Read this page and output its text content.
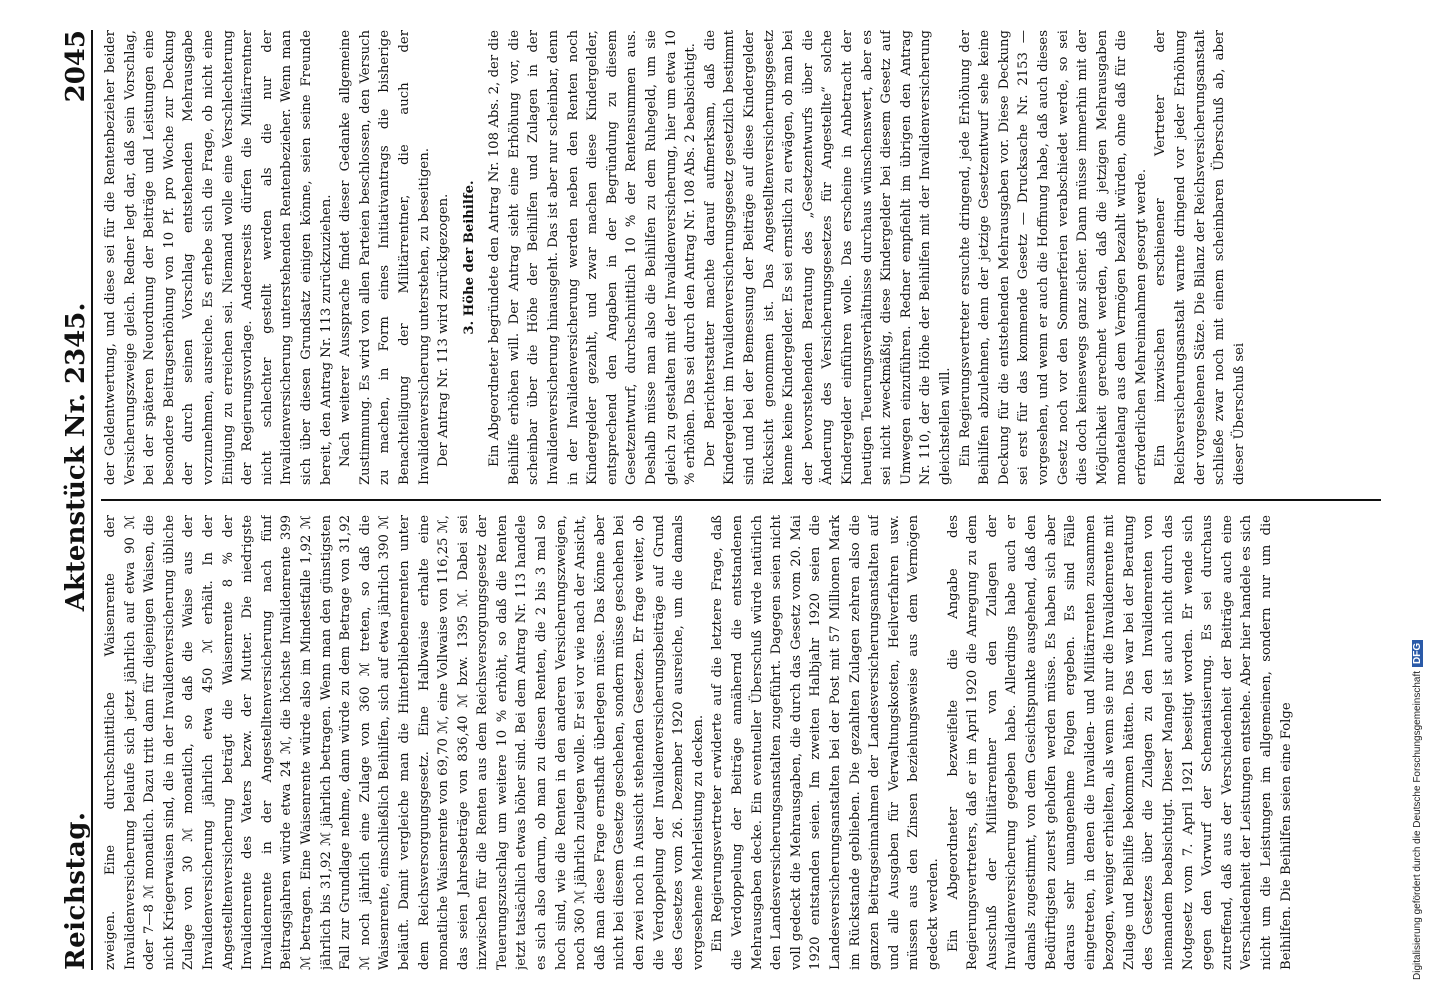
Reichstag.
Aktenstück Nr. 2345.
2045

zweigen. Eine durchschnittliche Waisenrente der Invalidenversicherung belaufe sich jetzt jährlich auf etwa 90 ℳ oder 7—8 ℳ monatlich. Dazu tritt dann für diejenigen Waisen, die nicht Kriegerwaisen sind, die in der Invalidenversicherung übliche Zulage von 30 ℳ monatlich, so daß die Waise aus der Invalidenversicherung jährlich etwa 450 ℳ erhält. In der Angestelltenversicherung beträgt die Waisenrente 8 % der Invalidenrente des Vaters bezw. der Mutter. Die niedrigste Invalidenrente in der Angestelltenversicherung nach fünf Beitragsjahren würde etwa 24 ℳ, die höchste Invalidenrente 399 ℳ betragen. Eine Waisenrente würde also im Mindestfalle 1,92 ℳ jährlich bis 31,92 ℳ jährlich betragen. Wenn man den günstigsten Fall zur Grundlage nehme, dann würde zu dem Betrage von 31,92 ℳ noch jährlich eine Zulage von 360 ℳ treten, so daß die Waisenrente, einschließlich Beihilfen, sich auf etwa jährlich 390 ℳ beläuft. Damit vergleiche man die Hinterbliebenenrenten unter dem Reichsversorgungsgesetz. Eine Halbwaise erhalte eine monatliche Waisenrente von 69,70 ℳ, eine Vollwaise von 116,25 ℳ, das seien Jahresbeträge von 836,40 ℳ bzw. 1395 ℳ. Dabei sei inzwischen für die Renten aus dem Reichsversorgungsgesetz der Teuerungszuschlag um weitere 10 % erhöht, so daß die Renten jetzt tatsächlich etwas höher sind. Bei dem Antrag Nr. 113 handele es sich also darum, ob man zu diesen Renten, die 2 bis 3 mal so hoch sind, wie die Renten in den anderen Versicherungszweigen, noch 360 ℳ jährlich zulegen wolle. Er sei vor wie nach der Ansicht, daß man diese Frage ernsthaft überlegen müsse. Das könne aber nicht bei diesem Gesetze geschehen, sondern müsse geschehen bei den zwei noch in Aussicht stehenden Gesetzen. Er frage weiter, ob die Verdoppelung der Invalidenversicherungsbeiträge auf Grund des Gesetzes vom 26. Dezember 1920 ausreiche, um die damals vorgesehene Mehrleistung zu decken. Ein Regierungsvertreter erwiderte auf die letztere Frage, daß die Verdoppelung der Beiträge annähernd die entstandenen Mehrausgaben decke. Ein eventueller Überschuß würde natürlich den Landesversicherungsanstalten zugeführt. Dagegen seien nicht voll gedeckt die Mehrausgaben, die durch das Gesetz vom 20. Mai 1920 entstanden seien. Im zweiten Halbjahr 1920 seien die Landesversicherungsanstalten bei der Post mit 57 Millionen Mark im Rückstande geblieben. Die gezahlten Zulagen zehren also die ganzen Beitragseinnahmen der Landesversicherungsanstalten auf und alle Ausgaben für Verwaltungskosten, Heilverfahren usw. müssen aus den Zinsen beziehungsweise aus dem Vermögen gedeckt werden. Ein Abgeordneter bezweifelte die Angabe des Regierungsvertreters, daß er im April 1920 die Anregung zu dem Ausschuß der Militärrentner von den Zulagen der Invalidenversicherung gegeben habe. Allerdings habe auch er damals zugestimmt, von dem Gesichtspunkte ausgehend, daß den Bedürftigsten zuerst geholfen werden müsse. Es haben sich aber daraus sehr unangenehme Folgen ergeben. Es sind Fälle eingetreten, in denen die Invaliden- und Militärrenten zusammen bezogen, weniger erhielten, als wenn sie nur die Invalidenrente mit Zulage und Beihilfe bekommen hätten. Das war bei der Beratung des Gesetzes über die Zulagen zu den Invalidenrenten von niemandem beabsichtigt. Dieser Mangel ist auch nicht durch das Notgesetz vom 7. April 1921 beseitigt worden. Er wende sich gegen den Vorwurf der Schematisierung. Es sei durchaus zutreffend, daß aus der Verschiedenheit der Beiträge auch eine Verschiedenheit der Leistungen entstehe. Aber hier handele es sich nicht um die Leistungen im allgemeinen, sondern nur um die Beihilfen. Die Beihilfen seien eine Folge

der Geldentwertung, und diese sei für die Rentenbezieher beider Versicherungszweige gleich. Redner legt dar, daß sein Vorschlag, bei der späteren Neuordnung der Beiträge und Leistungen eine besondere Beitragserhöhung von 10 Pf. pro Woche zur Deckung der durch seinen Vorschlag entstehenden Mehrausgabe vorzunehmen, ausreiche. Es erhebe sich die Frage, ob nicht eine Einigung zu erreichen sei. Niemand wolle eine Verschlechterung der Regierungsvorlage. Andererseits dürfen die Militärrentner nicht schlechter gestellt werden als die nur der Invalidenversicherung unterstehenden Rentenbezieher. Wenn man sich über diesen Grundsatz einigen könne, seien seine Freunde bereit, den Antrag Nr. 113 zurückzuziehen. Nach weiterer Aussprache findet dieser Gedanke allgemeine Zustimmung. Es wird von allen Parteien beschlossen, den Versuch zu machen, in Form eines Initiativantrags die bisherige Benachteiligung der Militärrentner, die auch der Invalidenversicherung unterstehen, zu beseitigen. Der Antrag Nr. 113 wird zurückgezogen. 3. Höhe der Beihilfe. Ein Abgeordneter begründete den Antrag Nr. 108 Abs. 2, der die Beihilfe erhöhen will. Der Antrag sieht eine Erhöhung vor, die scheinbar über die Höhe der Beihilfen und Zulagen in der Invalidenversicherung hinausgeht. Das ist aber nur scheinbar, denn in der Invalidenversicherung werden neben den Renten noch Kindergelder gezahlt, und zwar machen diese Kindergelder, entsprechend den Angaben in der Begründung zu diesem Gesetzentwurf, durchschnittlich 10 % der Rentensummen aus. Deshalb müsse man also die Beihilfen zu dem Ruhegeld, um sie gleich zu gestalten mit der Invalidenversicherung, hier um etwa 10 % erhöhen. Das sei durch den Antrag Nr. 108 Abs. 2 beabsichtigt. Der Berichterstatter machte darauf aufmerksam, daß die Kindergelder im Invalidenversicherungsgesetz gesetzlich bestimmt sind und bei der Bemessung der Beiträge auf diese Kindergelder Rücksicht genommen ist. Das Angestelltenversicherungsgesetz kenne keine Kindergelder. Es sei ernstlich zu erwägen, ob man bei der bevorstehenden Beratung des „Gesetzentwurfs über die Änderung des Versicherungsgesetzes für Angestellte“ solche Kindergelder einführen wolle. Das erscheine in Anbetracht der heutigen Teuerungsverhältnisse durchaus wünschenswert, aber es sei nicht zweckmäßig, diese Kindergelder bei diesem Gesetz auf Umwegen einzuführen. Redner empfiehlt im übrigen den Antrag Nr. 110, der die Höhe der Beihilfen mit der Invalidenversicherung gleichstellen will. Ein Regierungsvertreter ersuchte dringend, jede Erhöhung der Beihilfen abzulehnen, denn der jetzige Gesetzentwurf sehe keine Deckung für die entstehenden Mehrausgaben vor. Diese Deckung sei erst für das kommende Gesetz — Drucksache Nr. 2153 — vorgesehen, und wenn er auch die Hoffnung habe, daß auch dieses Gesetz noch vor den Sommerferien verabschiedet werde, so sei dies doch keineswegs ganz sicher. Dann müsse immerhin mit der Möglichkeit gerechnet werden, daß die jetzigen Mehrausgaben monatelang aus dem Vermögen bezahlt würden, ohne daß für die erforderlichen Mehreinnahmen gesorgt werde. Ein inzwischen erschienener Vertreter der Reichsversicherungsanstalt warnte dringend vor jeder Erhöhung der vorgesehenen Sätze. Die Bilanz der Reichsversicherungsanstalt schließe zwar noch mit einem scheinbaren Überschuß ab, aber dieser Überschuß sei

Digitalisierung gefördert durch die Deutsche ForschungsgemeinschaftDFG
